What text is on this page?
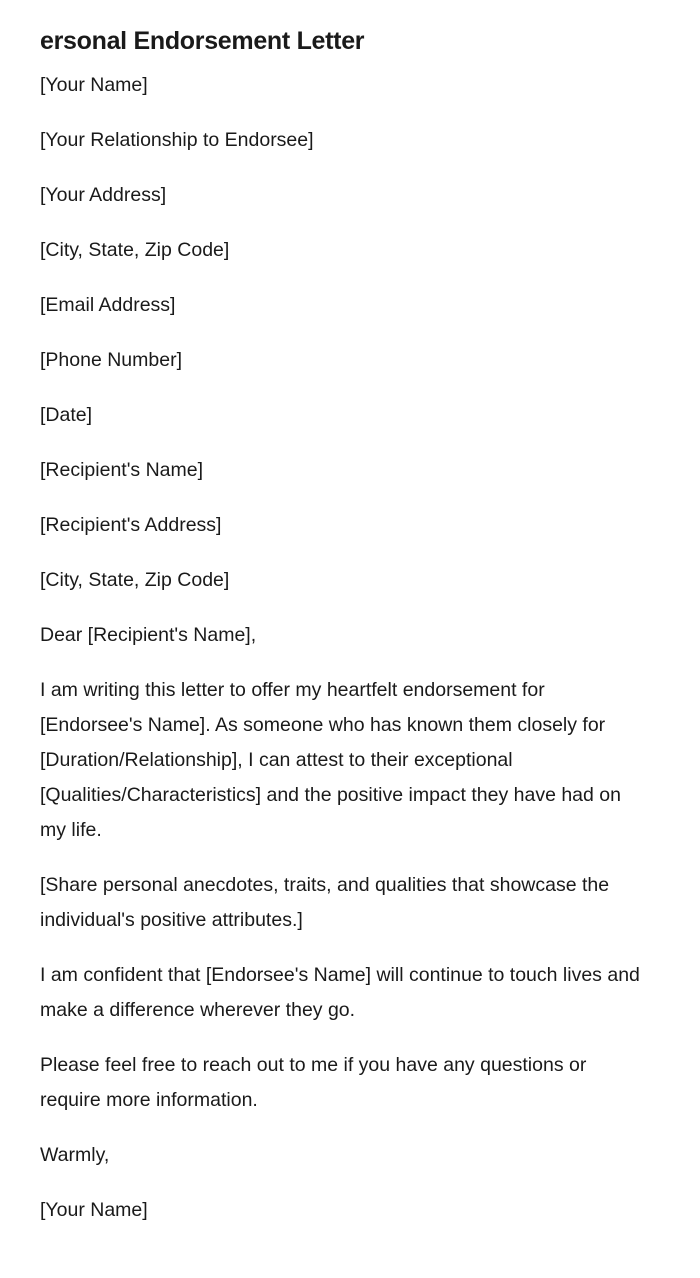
ersonal Endorsement Letter
[Your Name]
[Your Relationship to Endorsee]
[Your Address]
[City, State, Zip Code]
[Email Address]
[Phone Number]
[Date]
[Recipient's Name]
[Recipient's Address]
[City, State, Zip Code]
Dear [Recipient's Name],
I am writing this letter to offer my heartfelt endorsement for [Endorsee's Name]. As someone who has known them closely for [Duration/Relationship], I can attest to their exceptional [Qualities/Characteristics] and the positive impact they have had on my life.
[Share personal anecdotes, traits, and qualities that showcase the individual's positive attributes.]
I am confident that [Endorsee's Name] will continue to touch lives and make a difference wherever they go.
Please feel free to reach out to me if you have any questions or require more information.
Warmly,
[Your Name]
